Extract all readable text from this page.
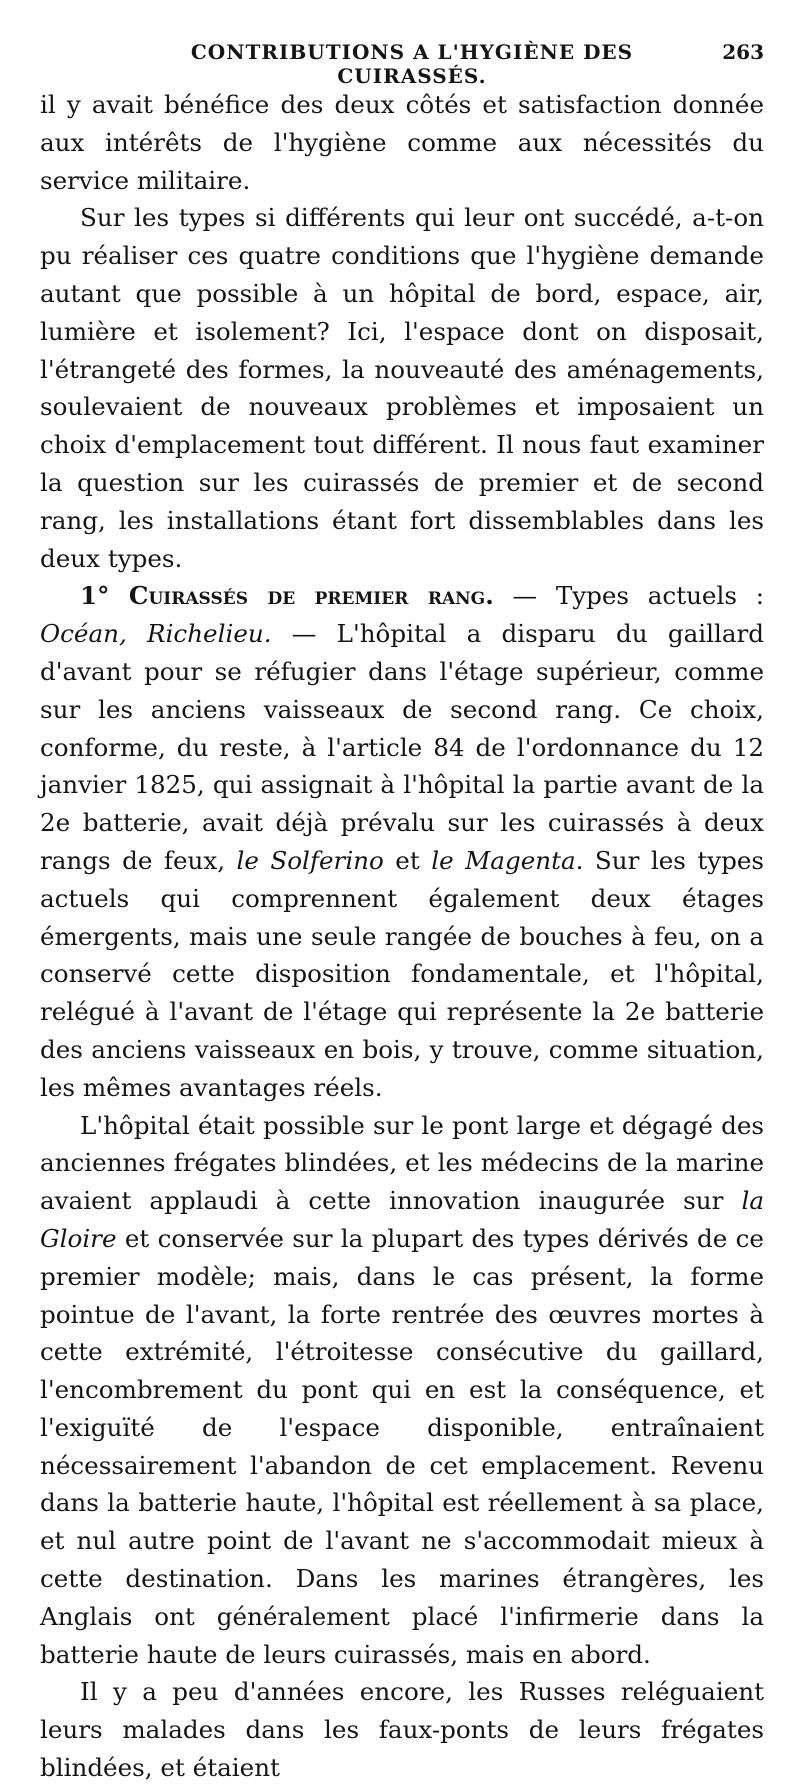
CONTRIBUTIONS A L'HYGIÈNE DES CUIRASSÉS.
263

il y avait bénéfice des deux côtés et satisfaction donnée aux intérêts de l'hygiène comme aux nécessités du service militaire.

Sur les types si différents qui leur ont succédé, a-t-on pu réaliser ces quatre conditions que l'hygiène demande autant que possible à un hôpital de bord, espace, air, lumière et isolement? Ici, l'espace dont on disposait, l'étrangeté des formes, la nouveauté des aménagements, soulevaient de nouveaux problèmes et imposaient un choix d'emplacement tout différent. Il nous faut examiner la question sur les cuirassés de premier et de second rang, les installations étant fort dissemblables dans les deux types.

1° Cuirassés de premier rang. — Types actuels : Océan, Richelieu. — L'hôpital a disparu du gaillard d'avant pour se réfugier dans l'étage supérieur, comme sur les anciens vaisseaux de second rang. Ce choix, conforme, du reste, à l'article 84 de l'ordonnance du 12 janvier 1825, qui assignait à l'hôpital la partie avant de la 2e batterie, avait déjà prévalu sur les cuirassés à deux rangs de feux, le Solferino et le Magenta. Sur les types actuels qui comprennent également deux étages émergents, mais une seule rangée de bouches à feu, on a conservé cette disposition fondamentale, et l'hôpital, relégué à l'avant de l'étage qui représente la 2e batterie des anciens vaisseaux en bois, y trouve, comme situation, les mêmes avantages réels.

L'hôpital était possible sur le pont large et dégagé des anciennes frégates blindées, et les médecins de la marine avaient applaudi à cette innovation inaugurée sur la Gloire et conservée sur la plupart des types dérivés de ce premier modèle; mais, dans le cas présent, la forme pointue de l'avant, la forte rentrée des œuvres mortes à cette extrémité, l'étroitesse consécutive du gaillard, l'encombrement du pont qui en est la conséquence, et l'exiguïté de l'espace disponible, entraînaient nécessairement l'abandon de cet emplacement. Revenu dans la batterie haute, l'hôpital est réellement à sa place, et nul autre point de l'avant ne s'accommodait mieux à cette destination. Dans les marines étrangères, les Anglais ont généralement placé l'infirmerie dans la batterie haute de leurs cuirassés, mais en abord.

Il y a peu d'années encore, les Russes reléguaient leurs malades dans les faux-ponts de leurs frégates blindées, et étaient
